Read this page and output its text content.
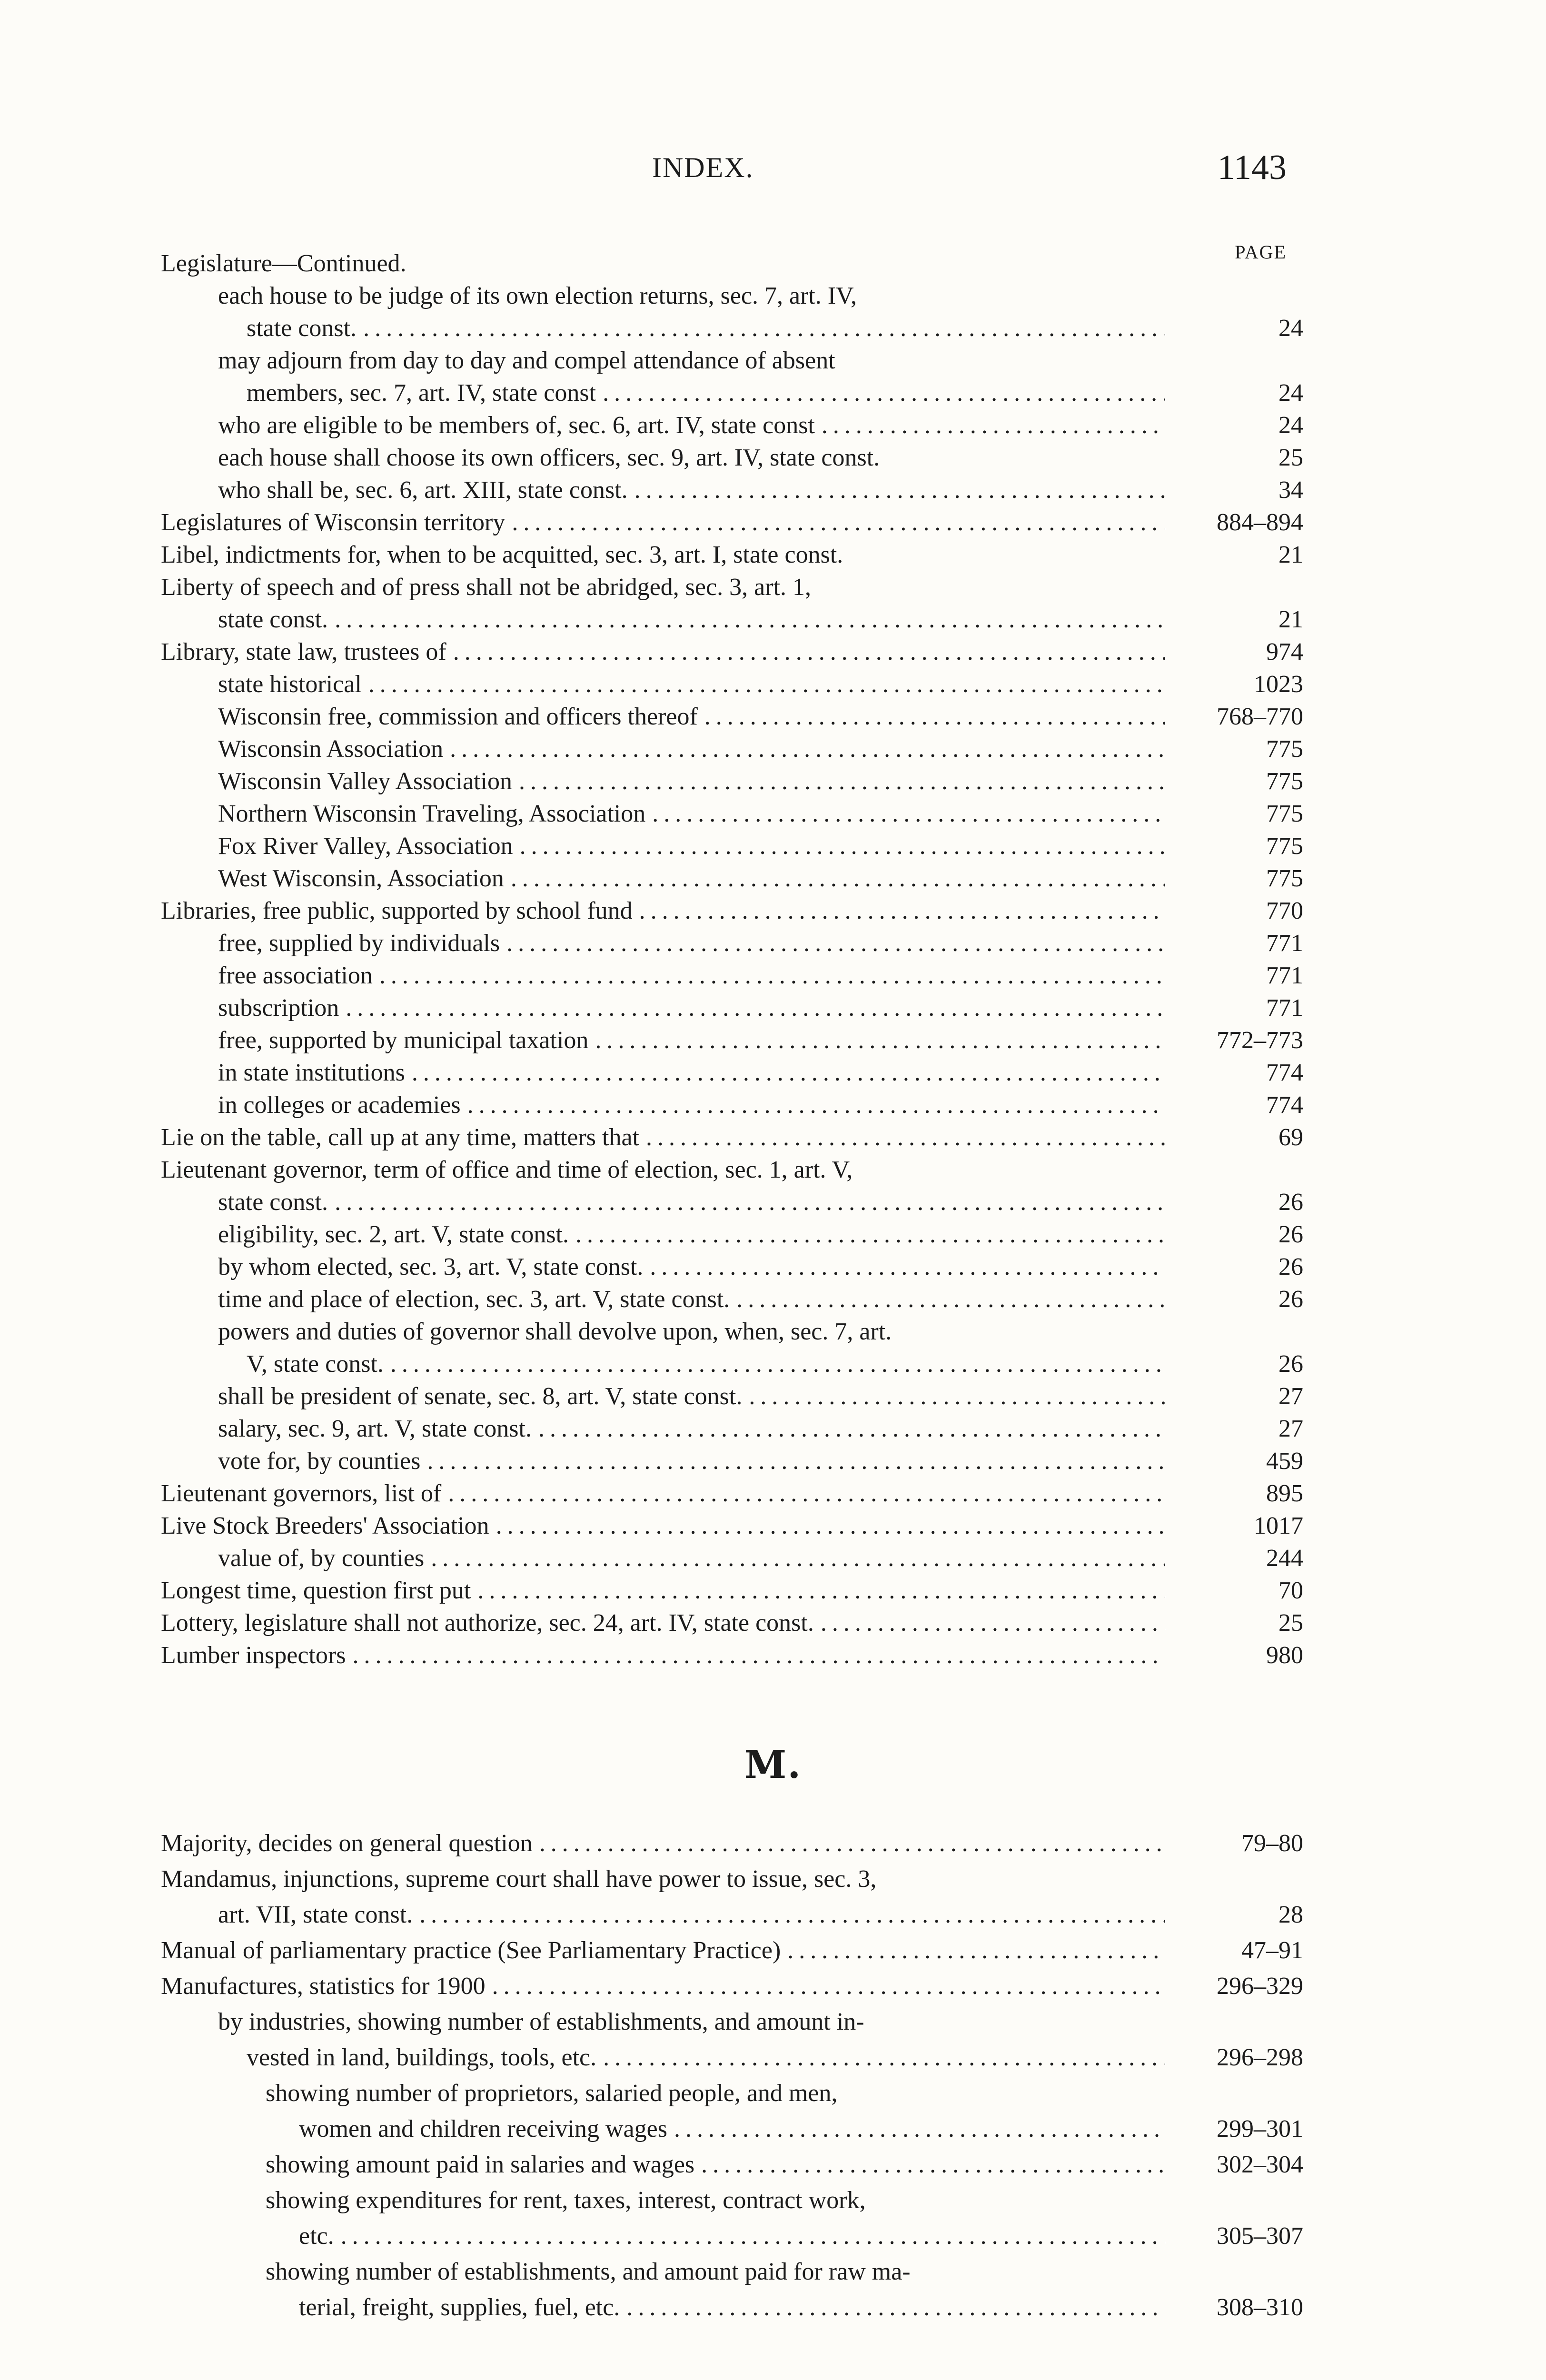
INDEX.	1143
PAGE
Legislature—Continued.
each house to be judge of its own election returns, sec. 7, art. IV,
state const. . . .	24
may adjourn from day to day and compel attendance of absent
members, sec. 7, art. IV, state const . . .	24
who are eligible to be members of, sec. 6, art. IV, state const . . .	24
each house shall choose its own officers, sec. 9, art. IV, state const.	25
who shall be, sec. 6, art. XIII, state const. . . .	34
Legislatures of Wisconsin territory . . .	884–894
Libel, indictments for, when to be acquitted, sec. 3, art. I, state const.	21
Liberty of speech and of press shall not be abridged, sec. 3, art. 1,
state const. . . .	21
Library, state law, trustees of . . .	974
state historical . . .	1023
Wisconsin free, commission and officers thereof . . .	768–770
Wisconsin Association . . .	775
Wisconsin Valley Association . . .	775
Northern Wisconsin Traveling, Association . . .	775
Fox River Valley, Association . . .	775
West Wisconsin, Association . . .	775
Libraries, free public, supported by school fund . . .	770
free, supplied by individuals . . .	771
free association . . .	771
subscription . . .	771
free, supported by municipal taxation . . .	772–773
in state institutions . . .	774
in colleges or academies . . .	774
Lie on the table, call up at any time, matters that . . .	69
Lieutenant governor, term of office and time of election, sec. 1, art. V,
state const. . . .	26
eligibility, sec. 2, art. V, state const. . . .	26
by whom elected, sec. 3, art. V, state const. . . .	26
time and place of election, sec. 3, art. V, state const. . . .	26
powers and duties of governor shall devolve upon, when, sec. 7, art.
V, state const. . . .	26
shall be president of senate, sec. 8, art. V, state const. . . .	27
salary, sec. 9, art. V, state const. . . .	27
vote for, by counties . . .	459
Lieutenant governors, list of . . .	895
Live Stock Breeders' Association . . .	1017
value of, by counties . . .	244
Longest time, question first put . . .	70
Lottery, legislature shall not authorize, sec. 24, art. IV, state const. . . .	25
Lumber inspectors . . .	980
M.
Majority, decides on general question . . .	79–80
Mandamus, injunctions, supreme court shall have power to issue, sec. 3,
art. VII, state const. . . .	28
Manual of parliamentary practice (See Parliamentary Practice) . . .	47–91
Manufactures, statistics for 1900 . . .	296–329
by industries, showing number of establishments, and amount in-
vested in land, buildings, tools, etc. . . .	296–298
showing number of proprietors, salaried people, and men,
women and children receiving wages . . .	299–301
showing amount paid in salaries and wages . . .	302–304
showing expenditures for rent, taxes, interest, contract work,
etc. . . .	305–307
showing number of establishments, and amount paid for raw ma-
terial, freight, supplies, fuel, etc. . . .	308–310
